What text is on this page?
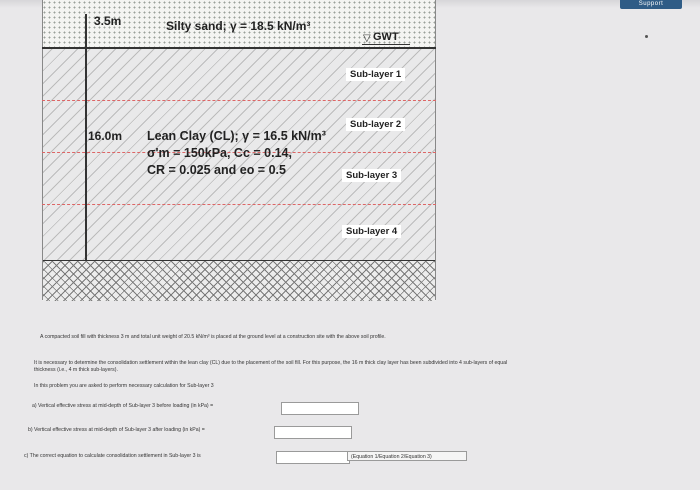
Support
3.5m
16.0m
Silty sand; γ = 18.5 kN/m³
▽ GWT
Lean Clay (CL); γ = 16.5 kN/m³
σ'm = 150kPa, Cc = 0.14,
CR = 0.025 and eo = 0.5
Sub-layer 1
Sub-layer 2
Sub-layer 3
Sub-layer 4
A compacted soil fill with thickness 3 m and total unit weight of 20.5 kN/m³ is placed at the ground level at a construction site with the above soil profile.
It is necessary to determine the consolidation settlement within the lean clay (CL) due to the placement of the soil fill. For this purpose, the 16 m thick clay layer has been subdivided into 4 sub-layers of equal
thickness (i.e., 4 m thick sub-layers).
In this problem you are asked to perform necessary calculation for Sub-layer 3
a) Vertical effective stress at mid-depth of Sub-layer 3 before loading (in kPa) =
b) Vertical effective stress at mid-depth of Sub-layer 3 after loading (in kPa) =
c) The correct equation to calculate consolidation settlement in Sub-layer 3 is	(Equation 1/Equation 2/Equation 3)
